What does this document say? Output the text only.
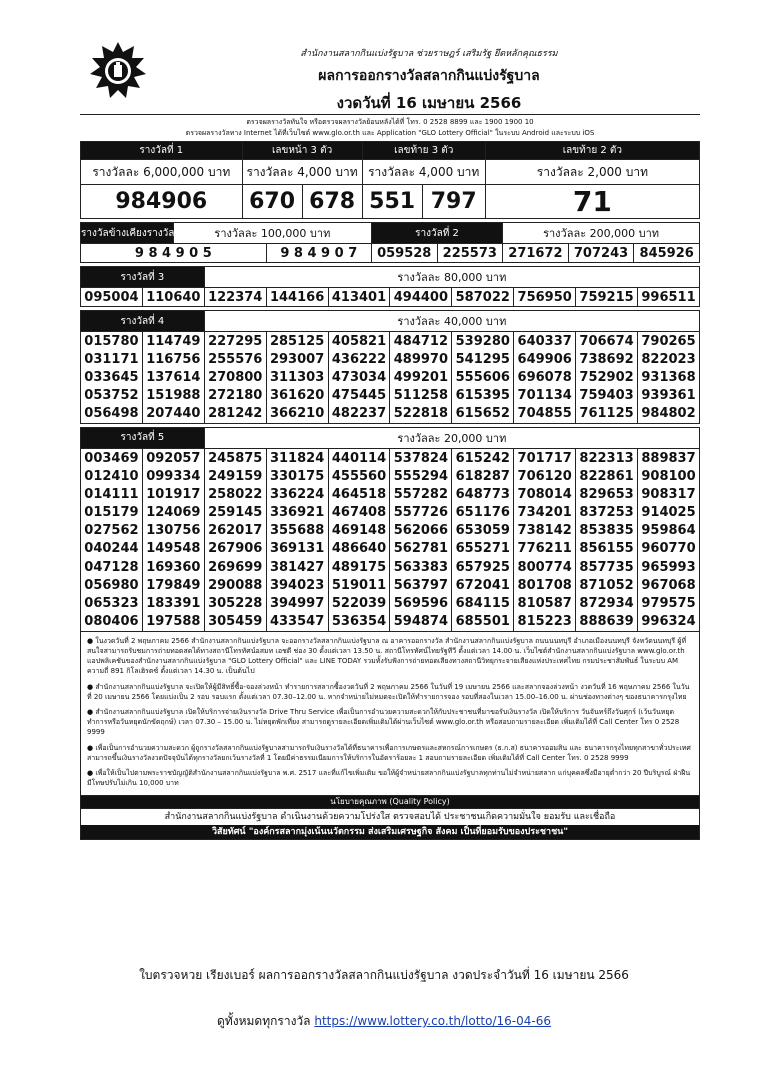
สำนักงานสลากกินแบ่งรัฐบาล ช่วยราษฎร์ เสริมรัฐ ยึดหลักคุณธรรม
ผลการออกรางวัลสลากกินแบ่งรัฐบาล
งวดวันที่ 16 เมษายน 2566
ตรวจผลรางวัลทันใจ หรือตรวจผลรางวัลย้อนหลังได้ที่ โทร. 0 2528 8899 และ 1900 1900 10
ตรวจผลรางวัลทาง Internet ได้ที่เว็บไซต์ www.glo.or.th และ Application "GLO Lottery Official" ในระบบ Android และระบบ iOS
รางวัลที่ 1	เลขหน้า 3 ตัว		เลขท้าย 3 ตัว		เลขท้าย 2 ตัว
รางวัลละ 6,000,000 บาท	รางวัลละ 4,000 บาท		รางวัลละ 4,000 บาท		รางวัลละ 2,000 บาท
984906	670	678	551	797	71
รางวัลข้างเคียงรางวัลที่ 1	รางวัลละ 100,000 บาท		รางวัลที่ 2		รางวัลละ 200,000 บาท		
9 8 4 9 0 5		9 8 4 9 0 7	059528	225573	271672	707243	845926
รางวัลที่ 3		รางวัลละ 80,000 บาท							
095004	110640	122374	144166	413401	494400	587022	756950	759215	996511
รางวัลที่ 4		รางวัลละ 40,000 บาท							
015780	114749	227295	285125	405821	484712	539280	640337	706674	790265
031171	116756	255576	293007	436222	489970	541295	649906	738692	822023
033645	137614	270800	311303	473034	499201	555606	696078	752902	931368
053752	151988	272180	361620	475445	511258	615395	701134	759403	939361
056498	207440	281242	366210	482237	522818	615652	704855	761125	984802
รางวัลที่ 5		รางวัลละ 20,000 บาท							
003469	092057	245875	311824	440114	537824	615242	701717	822313	889837
012410	099334	249159	330175	455560	555294	618287	706120	822861	908100
014111	101917	258022	336224	464518	557282	648773	708014	829653	908317
015179	124069	259145	336921	467408	557726	651176	734201	837253	914025
027562	130756	262017	355688	469148	562066	653059	738142	853835	959864
040244	149548	267906	369131	486640	562781	655271	776211	856155	960770
047128	169360	269699	381427	489175	563383	657925	800774	857735	965993
056980	179849	290088	394023	519011	563797	672041	801708	871052	967068
065323	183391	305228	394997	522039	569596	684115	810587	872934	979575
080406	197588	305459	433547	536354	594874	685501	815223	888639	996324

● ในงวดวันที่ 2 พฤษภาคม 2566 สำนักงานสลากกินแบ่งรัฐบาล จะออกรางวัลสลากกินแบ่งรัฐบาล ณ อาคารออกรางวัล สำนักงานสลากกินแบ่งรัฐบาล ถนนนนทบุรี อำเภอเมืองนนทบุรี จังหวัดนนทบุรี ผู้ที่สนใจสามารถรับชมการถ่ายทอดสดได้ทางสถานีโทรทัศน์อสมท เอชดี ช่อง 30 ตั้งแต่เวลา 13.50 น. สถานีโทรทัศน์ไทยรัฐทีวี ตั้งแต่เวลา 14.00 น. เว็บไซต์สำนักงานสลากกินแบ่งรัฐบาล www.glo.or.th แอปพลิเคชันของสำนักงานสลากกินแบ่งรัฐบาล "GLO Lottery Official" และ LINE TODAY รวมทั้งรับฟังการถ่ายทอดเสียงทางสถานีวิทยุกระจายเสียงแห่งประเทศไทย กรมประชาสัมพันธ์ ในระบบ AM ความถี่ 891 กิโลเฮิรตซ์ ตั้งแต่เวลา 14.30 น. เป็นต้นไป

● สำนักงานสลากกินแบ่งรัฐบาล จะเปิดให้ผู้มีสิทธิ์ซื้อ-จองล่วงหน้า ทำรายการสลากซื้องวดวันที่ 2 พฤษภาคม 2566 ในวันที่ 19 เมษายน 2566 และสลากจองล่วงหน้า งวดวันที่ 16 พฤษภาคม 2566 ในวันที่ 20 เมษายน 2566 โดยแบ่งเป็น 2 รอบ รอบแรก ตั้งแต่เวลา 07.30–12.00 น. หากจำหน่ายไม่หมดจะเปิดให้ทำรายการจอง รอบที่สองในเวลา 15.00–16.00 น. ผ่านช่องทางต่างๆ ของธนาคารกรุงไทย

● สำนักงานสลากกินแบ่งรัฐบาล เปิดให้บริการจ่ายเงินรางวัล Drive Thru Service เพื่อเป็นการอำนวยความสะดวกให้กับประชาชนที่มาขอรับเงินรางวัล เปิดให้บริการ วันจันทร์ถึงวันศุกร์ (เว้นวันหยุดทำการหรือวันหยุดนักขัตฤกษ์) เวลา 07.30 – 15.00 น. ไม่หยุดพักเที่ยง สามารถดูรายละเอียดเพิ่มเติมได้ผ่านเว็บไซต์ www.glo.or.th หรือสอบถามรายละเอียด เพิ่มเติมได้ที่ Call Center โทร 0 2528 9999

● เพื่อเป็นการอำนวยความสะดวก ผู้ถูกรางวัลสลากกินแบ่งรัฐบาลสามารถรับเงินรางวัลได้ที่ธนาคารเพื่อการเกษตรและสหกรณ์การเกษตร (ธ.ก.ส) ธนาคารออมสิน และ ธนาคารกรุงไทยทุกสาขาทั่วประเทศ สามารถขึ้นเงินรางวัลงวดปัจจุบันได้ทุกรางวัลยกเว้นรางวัลที่ 1 โดยมีค่าธรรมเนียมการให้บริการในอัตราร้อยละ 1 สอบถามรายละเอียด เพิ่มเติมได้ที่ Call Center โทร. 0 2528 9999

● เพื่อให้เป็นไปตามพระราชบัญญัติสำนักงานสลากกินแบ่งรัฐบาล พ.ศ. 2517 และที่แก้ไขเพิ่มเติม ขอให้ผู้จำหน่ายสลากกินแบ่งรัฐบาลทุกท่านไม่จำหน่ายสลาก แก่บุคคลซึ่งมีอายุต่ำกว่า 20 ปีบริบูรณ์ ฝ่าฝืนมีโทษปรับไม่เกิน 10,000 บาท

นโยบายคุณภาพ (Quality Policy)
สำนักงานสลากกินแบ่งรัฐบาล ดำเนินงานด้วยความโปร่งใส ตรวจสอบได้ ประชาชนเกิดความมั่นใจ ยอมรับ และเชื่อถือ
วิสัยทัศน์ "องค์กรสลากมุ่งเน้นนวัตกรรม ส่งเสริมเศรษฐกิจ สังคม เป็นที่ยอมรับของประชาชน"
ใบตรวจหวย เรียงเบอร์ ผลการออกรางวัลสลากกินแบ่งรัฐบาล งวดประจำวันที่ 16 เมษายน 2566
ดูทั้งหมดทุกรางวัล https://www.lottery.co.th/lotto/16-04-66
